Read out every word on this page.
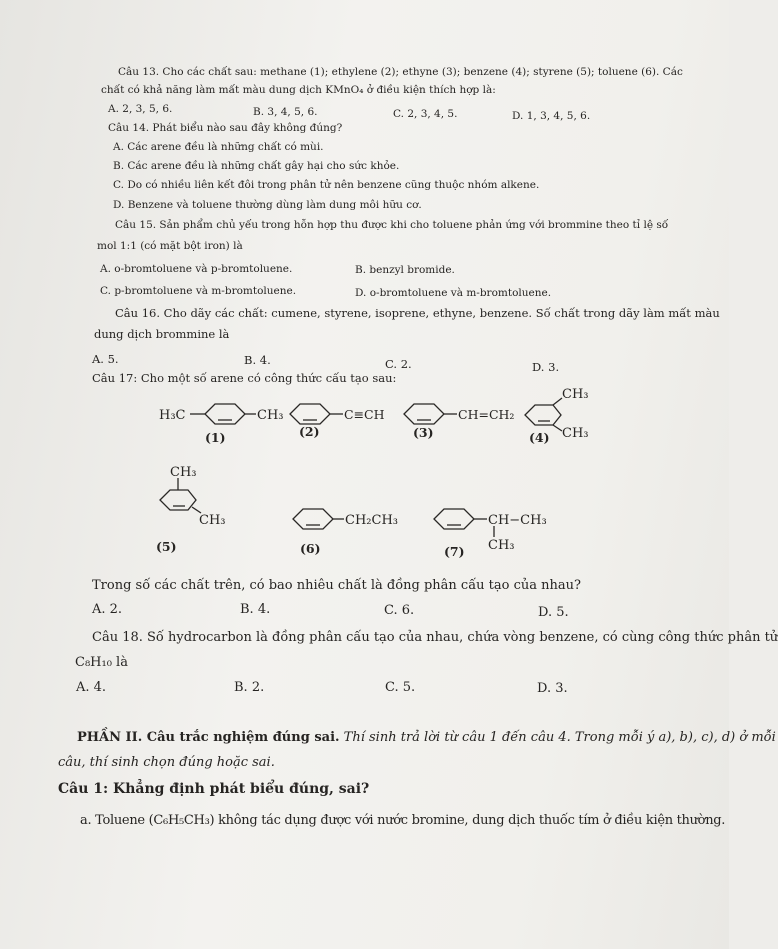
Câu 13. Cho các chất sau: methane (1); ethylene (2); ethyne (3); benzene (4); styrene (5); toluene (6). Các
chất có khả năng làm mất màu dung dịch KMnO₄ ở điều kiện thích hợp là:
A. 2, 3, 5, 6.	B. 3, 4, 5, 6.	C. 2, 3, 4, 5.	D. 1, 3, 4, 5, 6.
Câu 14. Phát biểu nào sau đây không đúng?
A. Các arene đều là những chất có mùi.
B. Các arene đều là những chất gây hại cho sức khỏe.
C. Do có nhiều liên kết đôi trong phân tử nên benzene cũng thuộc nhóm alkene.
D. Benzene và toluene thường dùng làm dung môi hữu cơ.
Câu 15. Sản phẩm chủ yếu trong hỗn hợp thu được khi cho toluene phản ứng với brommine theo tỉ lệ số
mol 1:1 (có mặt bột iron) là
A. o-bromtoluene và p-bromtoluene.	B. benzyl bromide.
C. p-bromtoluene và m-bromtoluene.	D. o-bromtoluene và m-bromtoluene.
Câu 16. Cho dãy các chất: cumene, styrene, isoprene, ethyne, benzene. Số chất trong dãy làm mất màu
dung dịch brommine là
A. 5.	B. 4.	C. 2.	D. 3.
Câu 17: Cho một số arene có công thức cấu tạo sau:
H₃C	CH₃
(1)
C≡CH
(2)
CH=CH₂
(3)
CH₃
CH₃
(4)
CH₃
CH₃
(5)
CH₂CH₃
(6)
CH−CH₃
CH₃
(7)
Trong số các chất trên, có bao nhiêu chất là đồng phân cấu tạo của nhau?
A. 2.	B. 4.	C. 6.	D. 5.
Câu 18. Số hydrocarbon là đồng phân cấu tạo của nhau, chứa vòng benzene, có cùng công thức phân tử
C₈H₁₀ là
A. 4.	B. 2.	C. 5.	D. 3.
PHẦN II. Câu trắc nghiệm đúng sai. Thí sinh trả lời từ câu 1 đến câu 4. Trong mỗi ý a), b), c), d) ở mỗi
câu, thí sinh chọn đúng hoặc sai.
Câu 1: Khẳng định phát biểu đúng, sai?
a. Toluene (C₆H₅CH₃) không tác dụng được với nước bromine, dung dịch thuốc tím ở điều kiện thường.
